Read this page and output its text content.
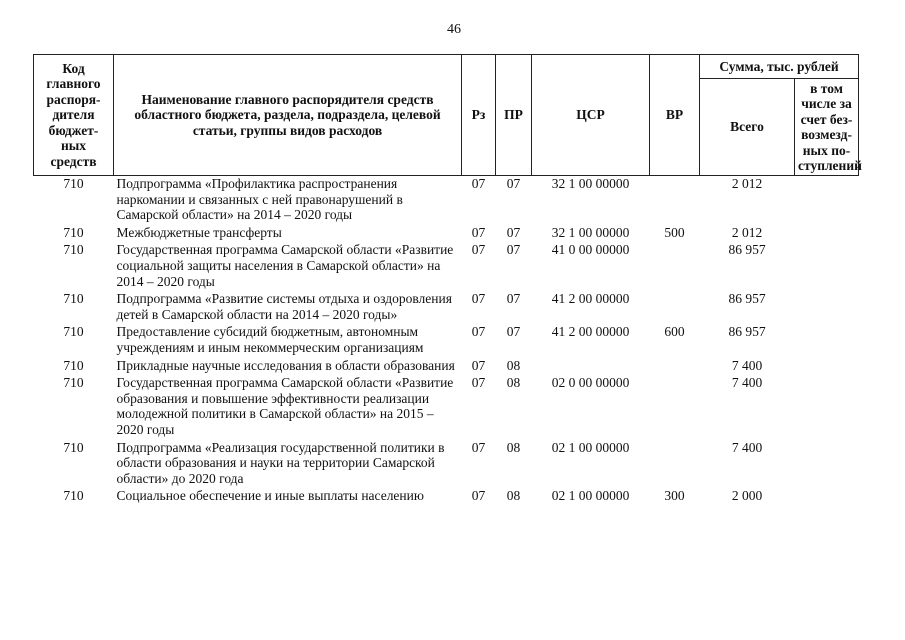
46
Код главного распоря-дителя бюджет-ных средств	Наименование главного распорядителя средств областного бюджета, раздела, подраздела, целевой статьи, группы видов расходов	Рз	ПР	ЦСР	ВР	Сумма, тыс. рублей	
						Всего	в том числе за счет без-возмезд-ных по-ступлений
710	Подпрограмма «Профилактика распространения наркомании и связанных с ней правонарушений в Самарской области» на 2014 – 2020 годы	07	07	32 1 00 00000		2 012	
710	Межбюджетные трансферты	07	07	32 1 00 00000	500	2 012	
710	Государственная программа Самарской области «Развитие социальной защиты населения в Самарской области» на 2014 – 2020 годы	07	07	41 0 00 00000		86 957	
710	Подпрограмма «Развитие системы отдыха и оздоровления детей в Самарской области на 2014 – 2020 годы»	07	07	41 2 00 00000		86 957	
710	Предоставление субсидий бюджетным, автономным учреждениям и иным некоммерческим организациям	07	07	41 2 00 00000	600	86 957	
710	Прикладные научные исследования в области образования	07	08			7 400	
710	Государственная программа Самарской области «Развитие образования и повышение эффективности реализации молодежной политики в Самарской области» на 2015 – 2020 годы	07	08	02 0 00 00000		7 400	
710	Подпрограмма «Реализация государственной политики в области образования и науки на территории Самарской области» до 2020 года	07	08	02 1 00 00000		7 400	
710	Социальное обеспечение и иные выплаты населению	07	08	02 1 00 00000	300	2 000	
